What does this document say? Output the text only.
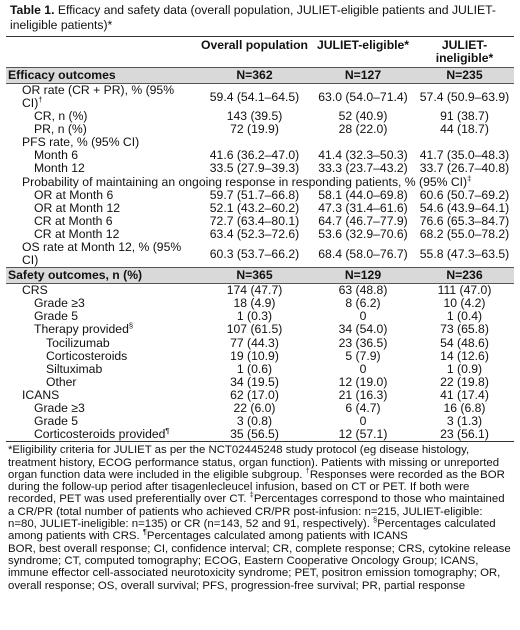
Table 1. Efficacy and safety data (overall population, JULIET-eligible patients and JULIET-ineligible patients)*
	Overall population	JULIET-eligible*	JULIET-ineligible*
Efficacy outcomes	N=362	N=127	N=235
OR rate (CR + PR), % (95% CI)†	59.4 (54.1–64.5)	63.0 (54.0–71.4)	57.4 (50.9–63.9)
CR, n (%)	143 (39.5)	52 (40.9)	91 (38.7)
PR, n (%)	72 (19.9)	28 (22.0)	44 (18.7)
PFS rate, % (95% CI)			
Month 6	41.6 (36.2–47.0)	41.4 (32.3–50.3)	41.7 (35.0–48.3)
Month 12	33.5 (27.9–39.3)	33.3 (23.7–43.2)	33.7 (26.7–40.8)
Probability of maintaining an ongoing response in responding patients, % (95% CI)‡
OR at Month 6	59.7 (51.7–66.8)	58.1 (44.0–69.8)	60.6 (50.7–69.2)
OR at Month 12	52.1 (43.2–60.2)	47.3 (31.4–61.6)	54.6 (43.9–64.1)
CR at Month 6	72.7 (63.4–80.1)	64.7 (46.7–77.9)	76.6 (65.3–84.7)
CR at Month 12	63.4 (52.3–72.6)	53.6 (32.9–70.6)	68.2 (55.0–78.2)
OS rate at Month 12, % (95% CI)	60.3 (53.7–66.2)	68.4 (58.0–76.7)	55.8 (47.3–63.5)
Safety outcomes, n (%)	N=365	N=129	N=236
CRS	174 (47.7)	63 (48.8)	111 (47.0)
Grade ≥3	18 (4.9)	8 (6.2)	10 (4.2)
Grade 5	1 (0.3)	0	1 (0.4)
Therapy provided§	107 (61.5)	34 (54.0)	73 (65.8)
Tocilizumab	77 (44.3)	23 (36.5)	54 (48.6)
Corticosteroids	19 (10.9)	5 (7.9)	14 (12.6)
Siltuximab	1 (0.6)	0	1 (0.9)
Other	34 (19.5)	12 (19.0)	22 (19.8)
ICANS	62 (17.0)	21 (16.3)	41 (17.4)
Grade ≥3	22 (6.0)	6 (4.7)	16 (6.8)
Grade 5	3 (0.8)	0	3 (1.3)
Corticosteroids provided¶	35 (56.5)	12 (57.1)	23 (56.1)
*Eligibility criteria for JULIET as per the NCT02445248 study protocol (eg disease histology, treatment history, ECOG performance status, organ function). Patients with missing or unreported organ function data were included in the eligible subgroup. †Responses were recorded as the BOR during the follow-up period after tisagenlecleucel infusion, based on CT or PET. If both were recorded, PET was used preferentially over CT. ‡Percentages correspond to those who maintained a CR/PR (total number of patients who achieved CR/PR post-infusion: n=215, JULIET-eligible: n=80, JULIET-ineligible: n=135) or CR (n=143, 52 and 91, respectively). §Percentages calculated among patients with CRS. ¶Percentages calculated among patients with ICANS
BOR, best overall response; CI, confidence interval; CR, complete response; CRS, cytokine release syndrome; CT, computed tomography; ECOG, Eastern Cooperative Oncology Group; ICANS, immune effector cell-associated neurotoxicity syndrome; PET, positron emission tomography; OR, overall response; OS, overall survival; PFS, progression-free survival; PR, partial response
